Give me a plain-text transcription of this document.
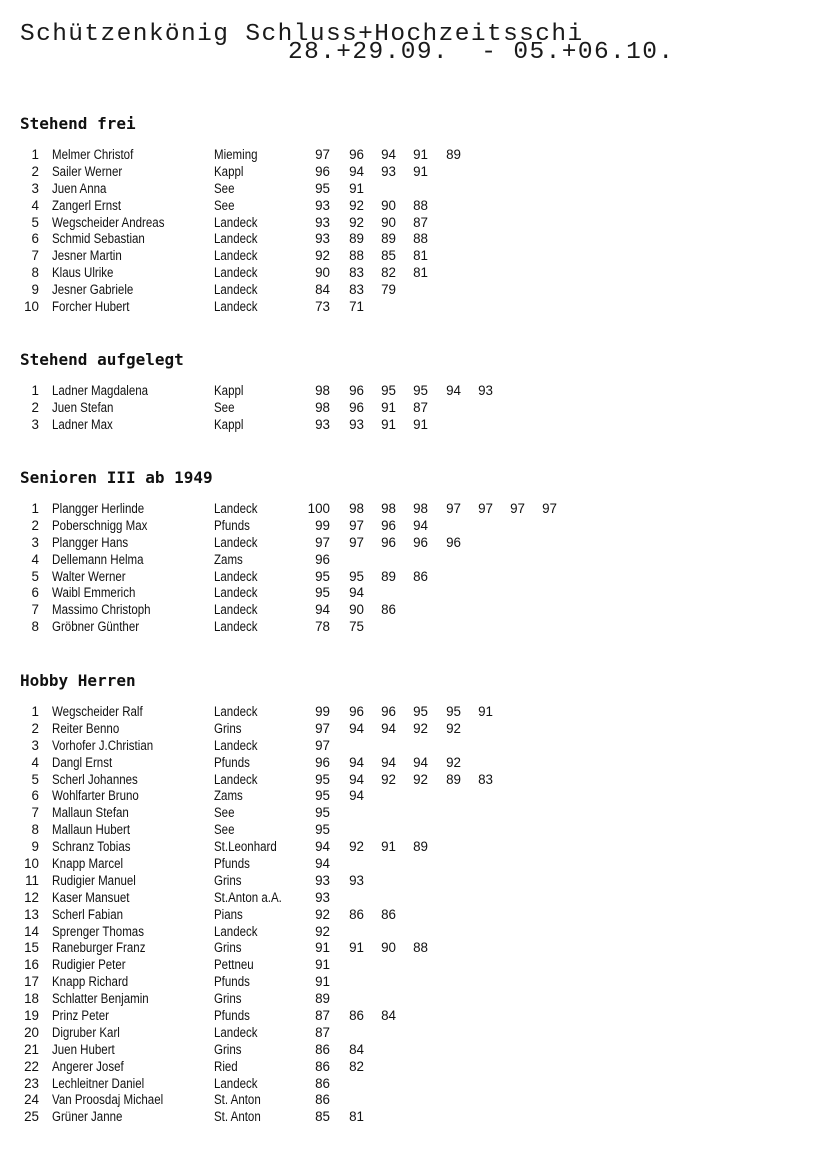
Schützenkönig Schluss+Hochzeitsschi
28.+29.09.  - 05.+06.10.
Stehend frei
1 Melmer Christof	Mieming	97	96	94	91	89
2 Sailer Werner	Kappl	96	94	93	91
3 Juen Anna	See	95	91
4 Zangerl Ernst	See	93	92	90	88
5 Wegscheider Andreas	Landeck	93	92	90	87
6 Schmid Sebastian	Landeck	93	89	89	88
7 Jesner Martin	Landeck	92	88	85	81
8 Klaus Ulrike	Landeck	90	83	82	81
9 Jesner Gabriele	Landeck	84	83	79
10 Forcher Hubert	Landeck	73	71
Stehend aufgelegt
1 Ladner Magdalena	Kappl	98	96	95	95	94	93
2 Juen Stefan	See	98	96	91	87
3 Ladner Max	Kappl	93	93	91	91
Senioren III ab 1949
1 Plangger Herlinde	Landeck	100	98	98	98	97	97	97	97
2 Poberschnigg Max	Pfunds	99	97	96	94
3 Plangger Hans	Landeck	97	97	96	96	96
4 Dellemann Helma	Zams	96
5 Walter Werner	Landeck	95	95	89	86
6 Waibl Emmerich	Landeck	95	94
7 Massimo Christoph	Landeck	94	90	86
8 Gröbner Günther	Landeck	78	75
Hobby Herren
1 Wegscheider Ralf	Landeck	99	96	96	95	95	91
2 Reiter Benno	Grins	97	94	94	92	92
3 Vorhofer J.Christian	Landeck	97
4 Dangl Ernst	Pfunds	96	94	94	94	92
5 Scherl Johannes	Landeck	95	94	92	92	89	83
6 Wohlfarter Bruno	Zams	95	94
7 Mallaun Stefan	See	95
8 Mallaun Hubert	See	95
9 Schranz Tobias	St.Leonhard	94	92	91	89
10 Knapp Marcel	Pfunds	94
11 Rudigier Manuel	Grins	93	93
12 Kaser Mansuet	St.Anton a.A.	93
13 Scherl Fabian	Pians	92	86	86
14 Sprenger Thomas	Landeck	92
15 Raneburger Franz	Grins	91	91	90	88
16 Rudigier Peter	Pettneu	91
17 Knapp Richard	Pfunds	91
18 Schlatter Benjamin	Grins	89
19 Prinz Peter	Pfunds	87	86	84
20 Digruber Karl	Landeck	87
21 Juen Hubert	Grins	86	84
22 Angerer Josef	Ried	86	82
23 Lechleitner Daniel	Landeck	86
24 Van Proosdaj Michael	St. Anton	86
25 Grüner Janne	St. Anton	85	81
